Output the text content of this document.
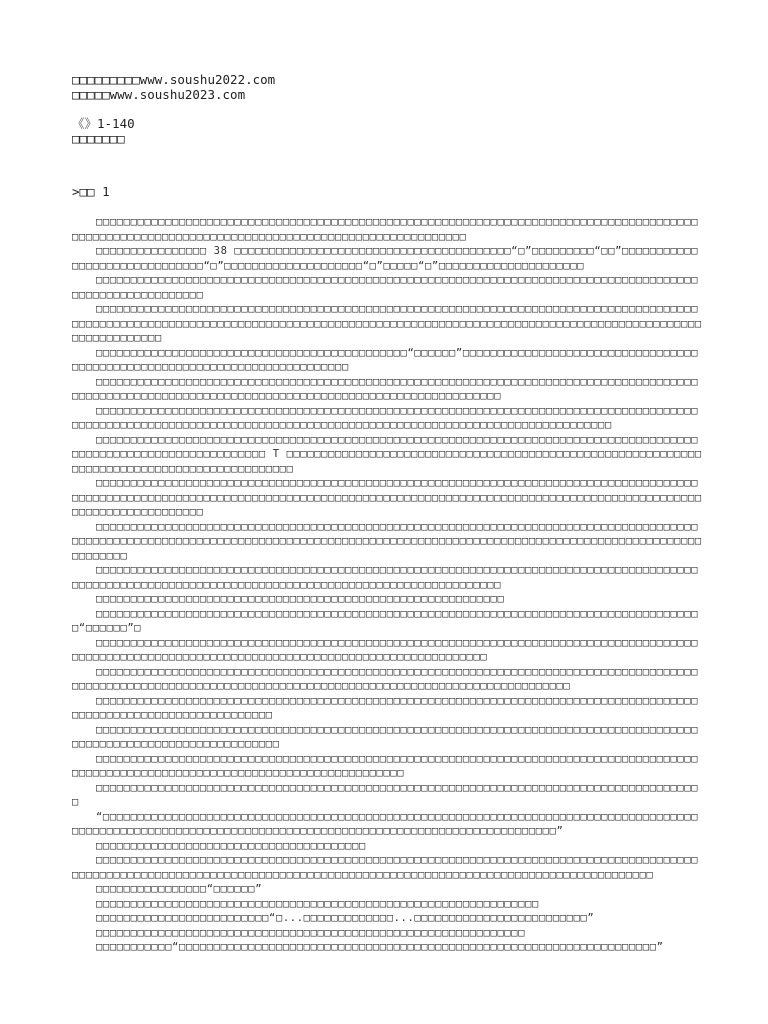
□□□□□□□□□www.soushu2022.com
□□□□□www.soushu2023.com
《》1-140
□□□□□□□
>□□ 1

□□□□□□□□□□□□□□□□□□□□□□□□□□□□□□□□□□□□□□□□□□□□□□□□□□□□□□□□□□□□□□□□□□□□□□□□□□□□□□□□□□□□□□□□□□□□□□□□□□□□□□□□□□□□□□□□□□□□□□□□□□□□□□□□□□□□□□□□□□□□□□□□

□□□□□□□□□□□□□□□□ 38 □□□□□□□□□□□□□□□□□□□□□□□□□□□□□□□□□□□□□□□□“□”□□□□□□□□□“□□”□□□□□□□□□□□□□□□□□□□□□□□□□□□□□□“□”□□□□□□□□□□□□□□□□□□□□“□”□□□□□“□”□□□□□□□□□□□□□□□□□□□□□

□□□□□□□□□□□□□□□□□□□□□□□□□□□□□□□□□□□□□□□□□□□□□□□□□□□□□□□□□□□□□□□□□□□□□□□□□□□□□□□□□□□□□□□□□□□□□□□□□□□□□□□□□□

□□□□□□□□□□□□□□□□□□□□□□□□□□□□□□□□□□□□□□□□□□□□□□□□□□□□□□□□□□□□□□□□□□□□□□□□□□□□□□□□□□□□□□□□□□□□□□□□□□□□□□□□□□□□□□□□□□□□□□□□□□□□□□□□□□□□□□□□□□□□□□□□□□□□□□□□□□□□□□□□□□□□□□□□□□□□□□□□□□□□□□□□□□□□□□□

□□□□□□□□□□□□□□□□□□□□□□□□□□□□□□□□□□□□□□□□□□□□□“□□□□□□”□□□□□□□□□□□□□□□□□□□□□□□□□□□□□□□□□□□□□□□□□□□□□□□□□□□□□□□□□□□□□□□□□□□□□□□□□□

□□□□□□□□□□□□□□□□□□□□□□□□□□□□□□□□□□□□□□□□□□□□□□□□□□□□□□□□□□□□□□□□□□□□□□□□□□□□□□□□□□□□□□□□□□□□□□□□□□□□□□□□□□□□□□□□□□□□□□□□□□□□□□□□□□□□□□□□□□□□□□□□□□□□□

□□□□□□□□□□□□□□□□□□□□□□□□□□□□□□□□□□□□□□□□□□□□□□□□□□□□□□□□□□□□□□□□□□□□□□□□□□□□□□□□□□□□□□□□□□□□□□□□□□□□□□□□□□□□□□□□□□□□□□□□□□□□□□□□□□□□□□□□□□□□□□□□□□□□□□□□□□□□□□□□□□□□□

□□□□□□□□□□□□□□□□□□□□□□□□□□□□□□□□□□□□□□□□□□□□□□□□□□□□□□□□□□□□□□□□□□□□□□□□□□□□□□□□□□□□□□□□□□□□□□□□□□□□□□□□□□□□□□□□□□□ T □□□□□□□□□□□□□□□□□□□□□□□□□□□□□□□□□□□□□□□□□□□□□□□□□□□□□□□□□□□□□□□□□□□□□□□□□□□□□□□□□□□□□□□□□□□□

□□□□□□□□□□□□□□□□□□□□□□□□□□□□□□□□□□□□□□□□□□□□□□□□□□□□□□□□□□□□□□□□□□□□□□□□□□□□□□□□□□□□□□□□□□□□□□□□□□□□□□□□□□□□□□□□□□□□□□□□□□□□□□□□□□□□□□□□□□□□□□□□□□□□□□□□□□□□□□□□□□□□□□□□□□□□□□□□□□□□□□□□□□□□□□□□□□□□□

□□□□□□□□□□□□□□□□□□□□□□□□□□□□□□□□□□□□□□□□□□□□□□□□□□□□□□□□□□□□□□□□□□□□□□□□□□□□□□□□□□□□□□□□□□□□□□□□□□□□□□□□□□□□□□□□□□□□□□□□□□□□□□□□□□□□□□□□□□□□□□□□□□□□□□□□□□□□□□□□□□□□□□□□□□□□□□□□□□□□□□□□□□

□□□□□□□□□□□□□□□□□□□□□□□□□□□□□□□□□□□□□□□□□□□□□□□□□□□□□□□□□□□□□□□□□□□□□□□□□□□□□□□□□□□□□□□□□□□□□□□□□□□□□□□□□□□□□□□□□□□□□□□□□□□□□□□□□□□□□□□□□□□□□□□□□□□□□

□□□□□□□□□□□□□□□□□□□□□□□□□□□□□□□□□□□□□□□□□□□□□□□□□□□□□□□□□□□

□□□□□□□□□□□□□□□□□□□□□□□□□□□□□□□□□□□□□□□□□□□□□□□□□□□□□□□□□□□□□□□□□□□□□□□□□□□□□□□□□□□□□□□□“□□□□□□”□

□□□□□□□□□□□□□□□□□□□□□□□□□□□□□□□□□□□□□□□□□□□□□□□□□□□□□□□□□□□□□□□□□□□□□□□□□□□□□□□□□□□□□□□□□□□□□□□□□□□□□□□□□□□□□□□□□□□□□□□□□□□□□□□□□□□□□□□□□□□□□□□□□□□

□□□□□□□□□□□□□□□□□□□□□□□□□□□□□□□□□□□□□□□□□□□□□□□□□□□□□□□□□□□□□□□□□□□□□□□□□□□□□□□□□□□□□□□□□□□□□□□□□□□□□□□□□□□□□□□□□□□□□□□□□□□□□□□□□□□□□□□□□□□□□□□□□□□□□□□□□□□□□□□

□□□□□□□□□□□□□□□□□□□□□□□□□□□□□□□□□□□□□□□□□□□□□□□□□□□□□□□□□□□□□□□□□□□□□□□□□□□□□□□□□□□□□□□□□□□□□□□□□□□□□□□□□□□□□□□□□□□□

□□□□□□□□□□□□□□□□□□□□□□□□□□□□□□□□□□□□□□□□□□□□□□□□□□□□□□□□□□□□□□□□□□□□□□□□□□□□□□□□□□□□□□□□□□□□□□□□□□□□□□□□□□□□□□□□□□□□□

□□□□□□□□□□□□□□□□□□□□□□□□□□□□□□□□□□□□□□□□□□□□□□□□□□□□□□□□□□□□□□□□□□□□□□□□□□□□□□□□□□□□□□□□□□□□□□□□□□□□□□□□□□□□□□□□□□□□□□□□□□□□□□□□□□□□□□□

□□□□□□□□□□□□□□□□□□□□□□□□□□□□□□□□□□□□□□□□□□□□□□□□□□□□□□□□□□□□□□□□□□□□□□□□□□□□□□□□□□□□□□□□

“□□□□□□□□□□□□□□□□□□□□□□□□□□□□□□□□□□□□□□□□□□□□□□□□□□□□□□□□□□□□□□□□□□□□□□□□□□□□□□□□□□□□□□□□□□□□□□□□□□□□□□□□□□□□□□□□□□□□□□□□□□□□□□□□□□□□□□□□□□□□□□□□□□□□□□□□□□□□”

□□□□□□□□□□□□□□□□□□□□□□□□□□□□□□□□□□□□□□□

□□□□□□□□□□□□□□□□□□□□□□□□□□□□□□□□□□□□□□□□□□□□□□□□□□□□□□□□□□□□□□□□□□□□□□□□□□□□□□□□□□□□□□□□□□□□□□□□□□□□□□□□□□□□□□□□□□□□□□□□□□□□□□□□□□□□□□□□□□□□□□□□□□□□□□□□□□□□□□□□□□□□□□□□□□□

□□□□□□□□□□□□□□□□“□□□□□□”

□□□□□□□□□□□□□□□□□□□□□□□□□□□□□□□□□□□□□□□□□□□□□□□□□□□□□□□□□□□□□□□□

□□□□□□□□□□□□□□□□□□□□□□□□□“□...□□□□□□□□□□□□□...□□□□□□□□□□□□□□□□□□□□□□□□□”

□□□□□□□□□□□□□□□□□□□□□□□□□□□□□□□□□□□□□□□□□□□□□□□□□□□□□□□□□□□□□□

□□□□□□□□□□□“□□□□□□□□□□□□□□□□□□□□□□□□□□□□□□□□□□□□□□□□□□□□□□□□□□□□□□□□□□□□□□□□□□□□□”
